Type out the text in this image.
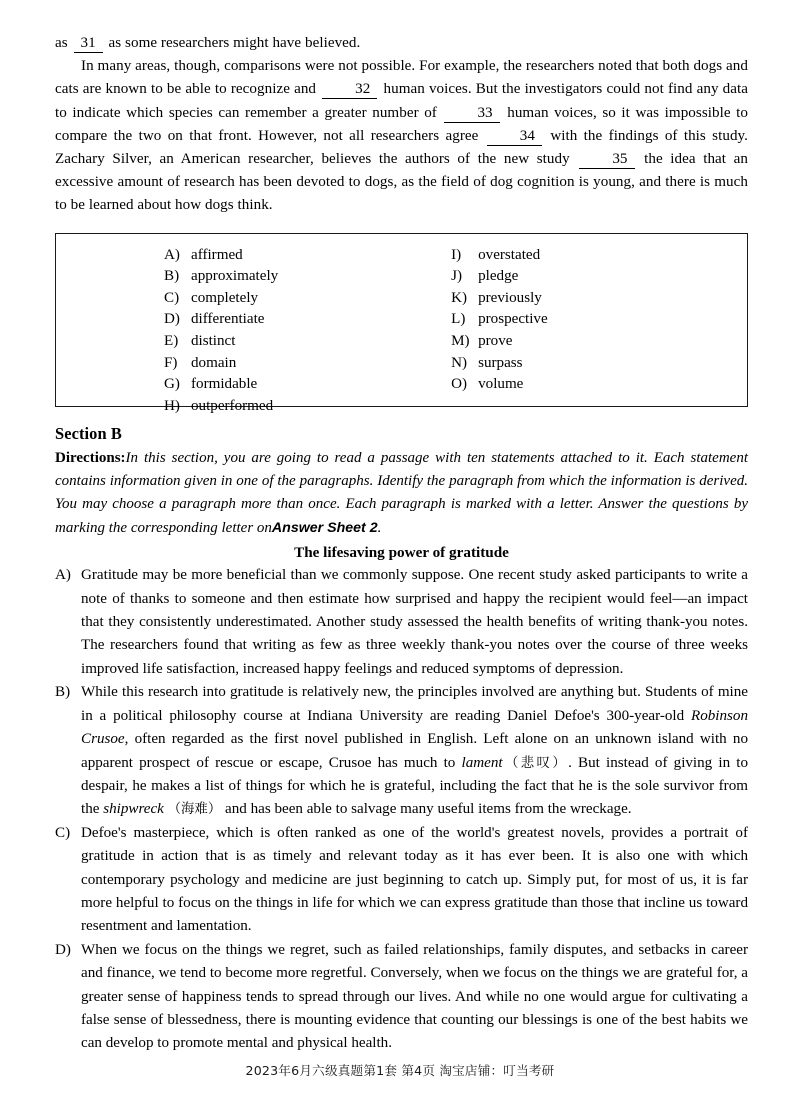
as 31 as some researchers might have believed.

In many areas, though, comparisons were not possible. For example, the researchers noted that both dogs and cats are known to be able to recognize and	32 human voices. But the investigators could not find any data to indicate which species can remember a greater number of	33 human voices, so it was impossible to compare the two on that front. However, not all researchers agree	34 with the findings of this study. Zachary Silver, an American researcher, believes the authors of the new study	35 the idea that an excessive amount of research has been devoted to dogs, as the field of dog cognition is young, and there is much to be learned about how dogs think.

A) affirmed
B) approximately
C) completely
D) differentiate
E) distinct
F) domain
G) formidable
H) outperformed
I)	overstated
J)	pledge
K) previously
L) prospective
M) prove
N) surpass
O) volume
Section B

Directions:In this section, you are going to read a passage with ten statements attached to it. Each statement contains information given in one of the paragraphs. Identify the paragraph from which the information is derived. You may choose a paragraph more than once. Each paragraph is marked with a letter. Answer the questions by marking the corresponding letter onAnswer Sheet 2.

The lifesaving power of gratitude

A) Gratitude may be more beneficial than we commonly suppose. One recent study asked participants to write a note of thanks to someone and then estimate how surprised and happy the recipient would feel—an impact that they consistently underestimated. Another study assessed the health benefits of writing thank-you notes. The researchers found that writing as few as three weekly thank-you notes over the course of three weeks improved life satisfaction, increased happy feelings and reduced symptoms of depression.

B) While this research into gratitude is relatively new, the principles involved are anything but. Students of mine in a political philosophy course at Indiana University are reading Daniel Defoe's 300-year-old Robinson Crusoe, often regarded as the first novel published in English. Left alone on an unknown island with no apparent prospect of rescue or escape, Crusoe has much to lament（悲叹）. But instead of giving in to despair, he makes a list of things for which he is grateful, including the fact that he is the sole survivor from the shipwreck （海难） and has been able to salvage many useful items from the wreckage.

C) Defoe's masterpiece, which is often ranked as one of the world's greatest novels, provides a portrait of gratitude in action that is as timely and relevant today as it has ever been. It is also one with which contemporary psychology and medicine are just beginning to catch up. Simply put, for most of us, it is far more helpful to focus on the things in life for which we can express gratitude than those that incline us toward resentment and lamentation.

D) When we focus on the things we regret, such as failed relationships, family disputes, and setbacks in career and finance, we tend to become more regretful. Conversely, when we focus on the things we are grateful for, a greater sense of happiness tends to spread through our lives. And while no one would argue for cultivating a false sense of blessedness, there is mounting evidence that counting our blessings is one of the best habits we can develop to promote mental and physical health.

2023年6月六级真题第1套 第4页 淘宝店铺：叮当考研
